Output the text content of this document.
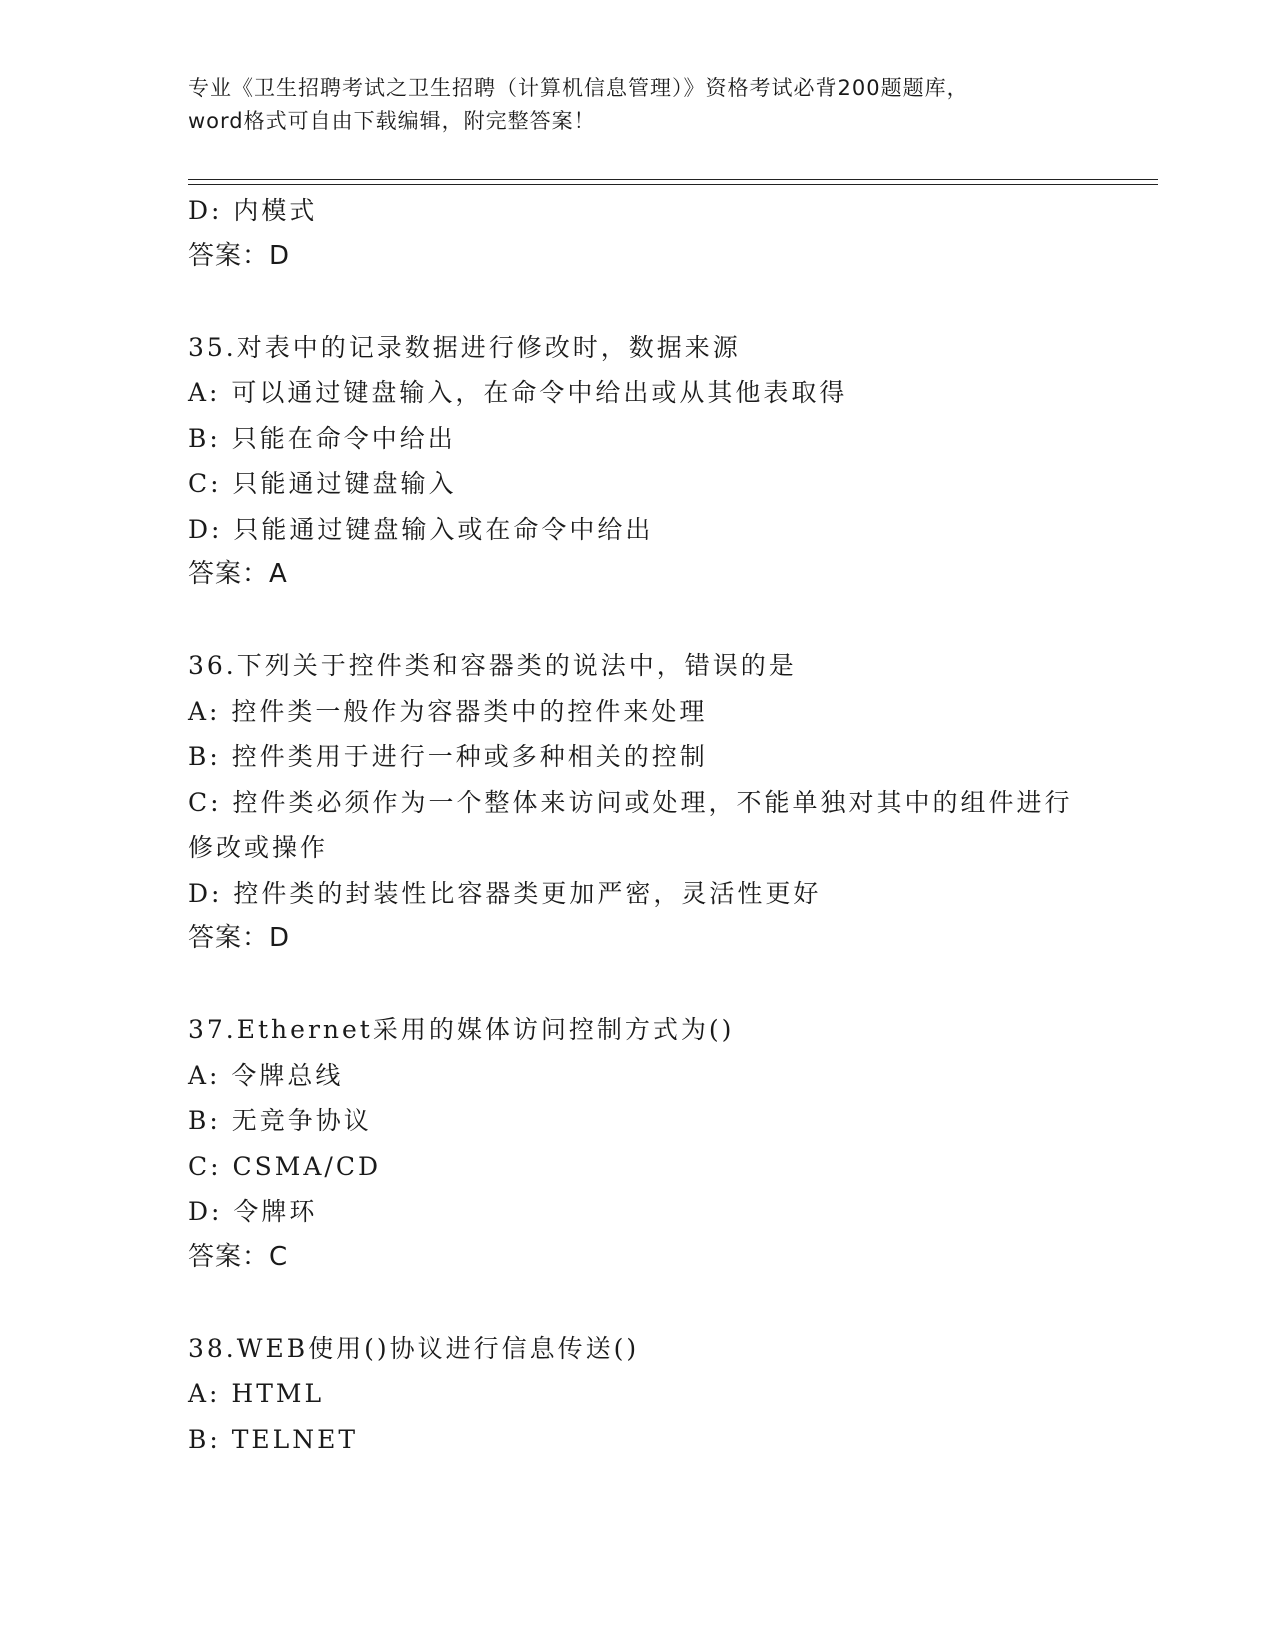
专业《卫生招聘考试之卫生招聘（计算机信息管理）》资格考试必背200题题库，
word格式可自由下载编辑，附完整答案！
D: 内模式
答案：D
35.对表中的记录数据进行修改时，数据来源
A: 可以通过键盘输入，在命令中给出或从其他表取得
B: 只能在命令中给出
C: 只能通过键盘输入
D: 只能通过键盘输入或在命令中给出
答案：A
36.下列关于控件类和容器类的说法中，错误的是
A: 控件类一般作为容器类中的控件来处理
B: 控件类用于进行一种或多种相关的控制
C: 控件类必须作为一个整体来访问或处理，不能单独对其中的组件进行修改或操作
D: 控件类的封装性比容器类更加严密，灵活性更好
答案：D
37.Ethernet采用的媒体访问控制方式为()
A: 令牌总线
B: 无竞争协议
C: CSMA/CD
D: 令牌环
答案：C
38.WEB使用()协议进行信息传送()
A: HTML
B: TELNET
